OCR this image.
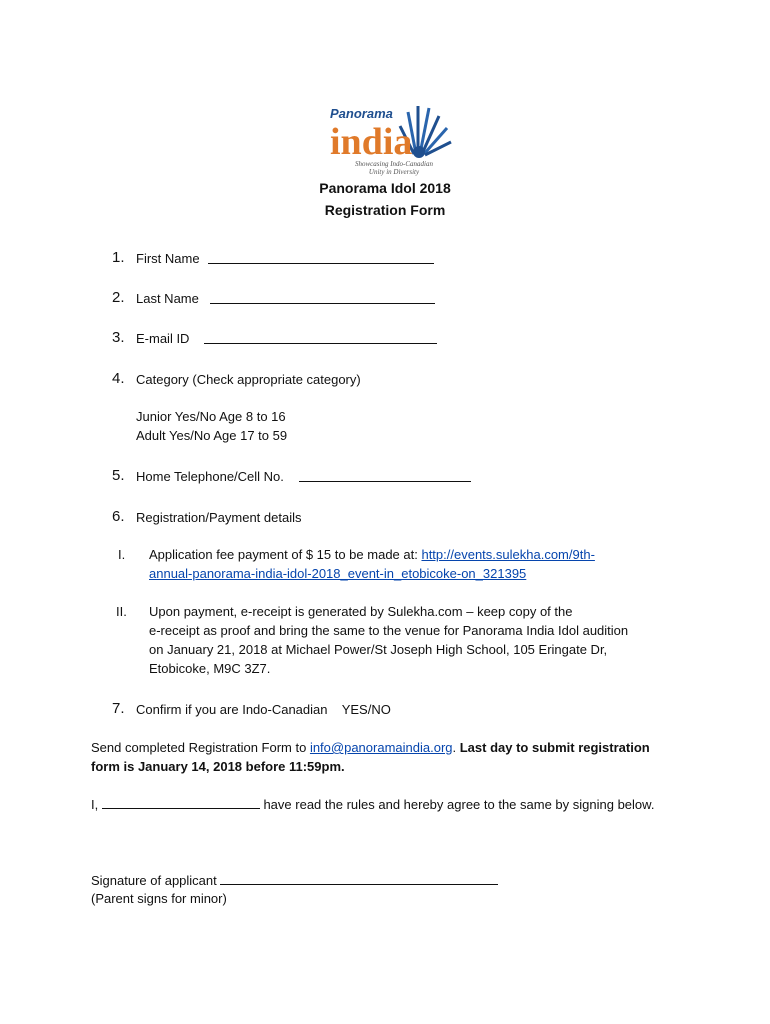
Panorama
india
Showcasing Indo-Canadian
Unity in Diversity
Panorama Idol 2018
Registration Form
1. First Name
2. Last Name
3. E-mail ID
4. Category (Check appropriate category)
Junior Yes/No Age 8 to 16
Adult Yes/No Age 17 to 59
5. Home Telephone/Cell No.
6. Registration/Payment details
I. Application fee payment of $ 15 to be made at: http://events.sulekha.com/9th-
annual-panorama-india-idol-2018_event-in_etobicoke-on_321395
II. Upon payment, e-receipt is generated by Sulekha.com – keep copy of the
e-receipt as proof and bring the same to the venue for Panorama India Idol audition
on January 21, 2018 at Michael Power/St Joseph High School, 105 Eringate Dr,
Etobicoke, M9C 3Z7.
7. Confirm if you are Indo-Canadian    YES/NO
Send completed Registration Form to info@panoramaindia.org. Last day to submit registration
form is January 14, 2018 before 11:59pm.
I,	have read the rules and hereby agree to the same by signing below.
Signature of applicant
(Parent signs for minor)
